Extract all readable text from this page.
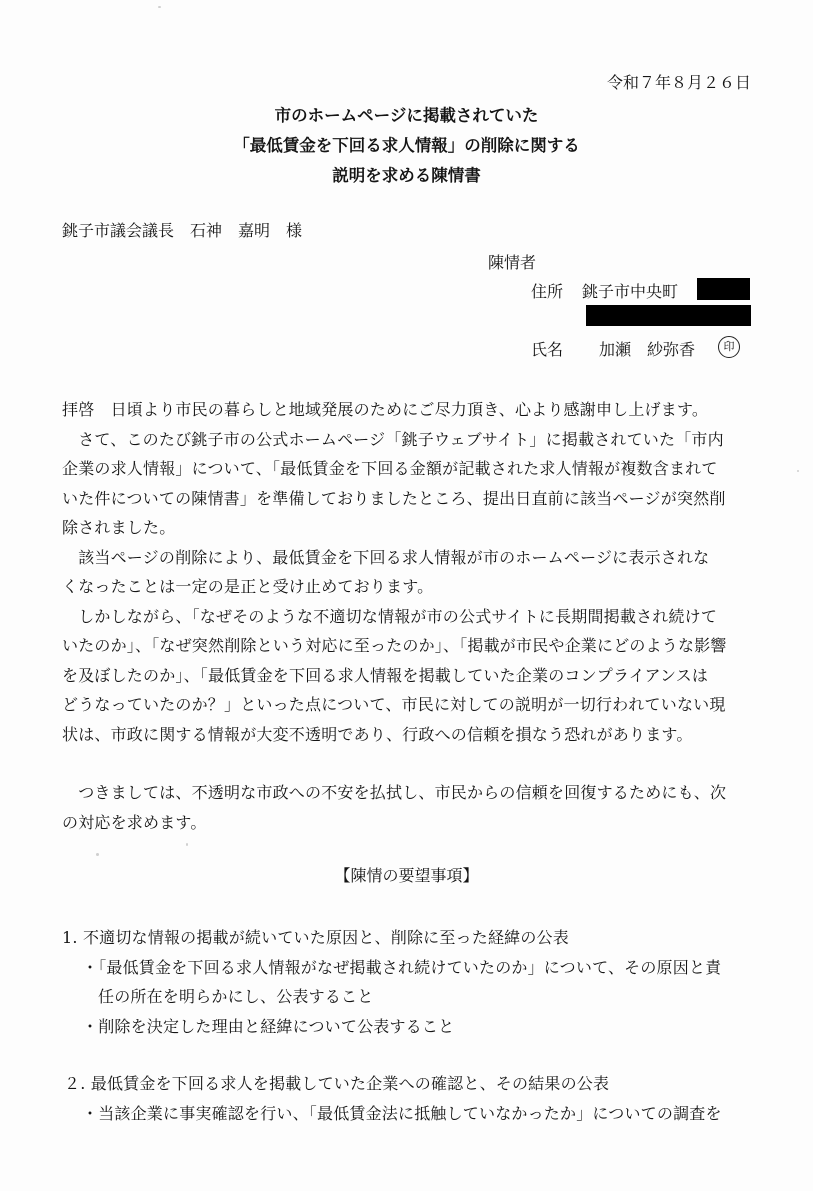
令和７年８月２６日
市のホームページに掲載されていた
「最低賃金を下回る求人情報」の削除に関する
説明を求める陳情書
銚子市議会議長 石神 嘉明 様
陳情者
住所 銚子市中央町
氏名 加瀬　紗弥香	印
拝啓　日頃より市民の暮らしと地域発展のためにご尽力頂き、心より感謝申し上げます。
　さて、このたび銚子市の公式ホームページ「銚子ウェブサイト」に掲載されていた「市内
企業の求人情報」について、「最低賃金を下回る金額が記載された求人情報が複数含まれて
いた件についての陳情書」を準備しておりましたところ、提出日直前に該当ページが突然削
除されました。
　該当ページの削除により、最低賃金を下回る求人情報が市のホームページに表示されな
くなったことは一定の是正と受け止めております。
　しかしながら、「なぜそのような不適切な情報が市の公式サイトに長期間掲載され続けて
いたのか」、「なぜ突然削除という対応に至ったのか」、「掲載が市民や企業にどのような影響
を及ぼしたのか」、「最低賃金を下回る求人情報を掲載していた企業のコンプライアンスは
どうなっていたのか？」といった点について、市民に対しての説明が一切行われていない現
状は、市政に関する情報が大変不透明であり、行政への信頼を損なう恐れがあります。
　つきましては、不透明な市政への不安を払拭し、市民からの信頼を回復するためにも、次
の対応を求めます。
【陳情の要望事項】
1. 不適切な情報の掲載が続いていた原因と、削除に至った経緯の公表
・「最低賃金を下回る求人情報がなぜ掲載され続けていたのか」について、その原因と責
任の所在を明らかにし、公表すること
・削除を決定した理由と経緯について公表すること
２. 最低賃金を下回る求人を掲載していた企業への確認と、その結果の公表
・当該企業に事実確認を行い、「最低賃金法に抵触していなかったか」についての調査を
